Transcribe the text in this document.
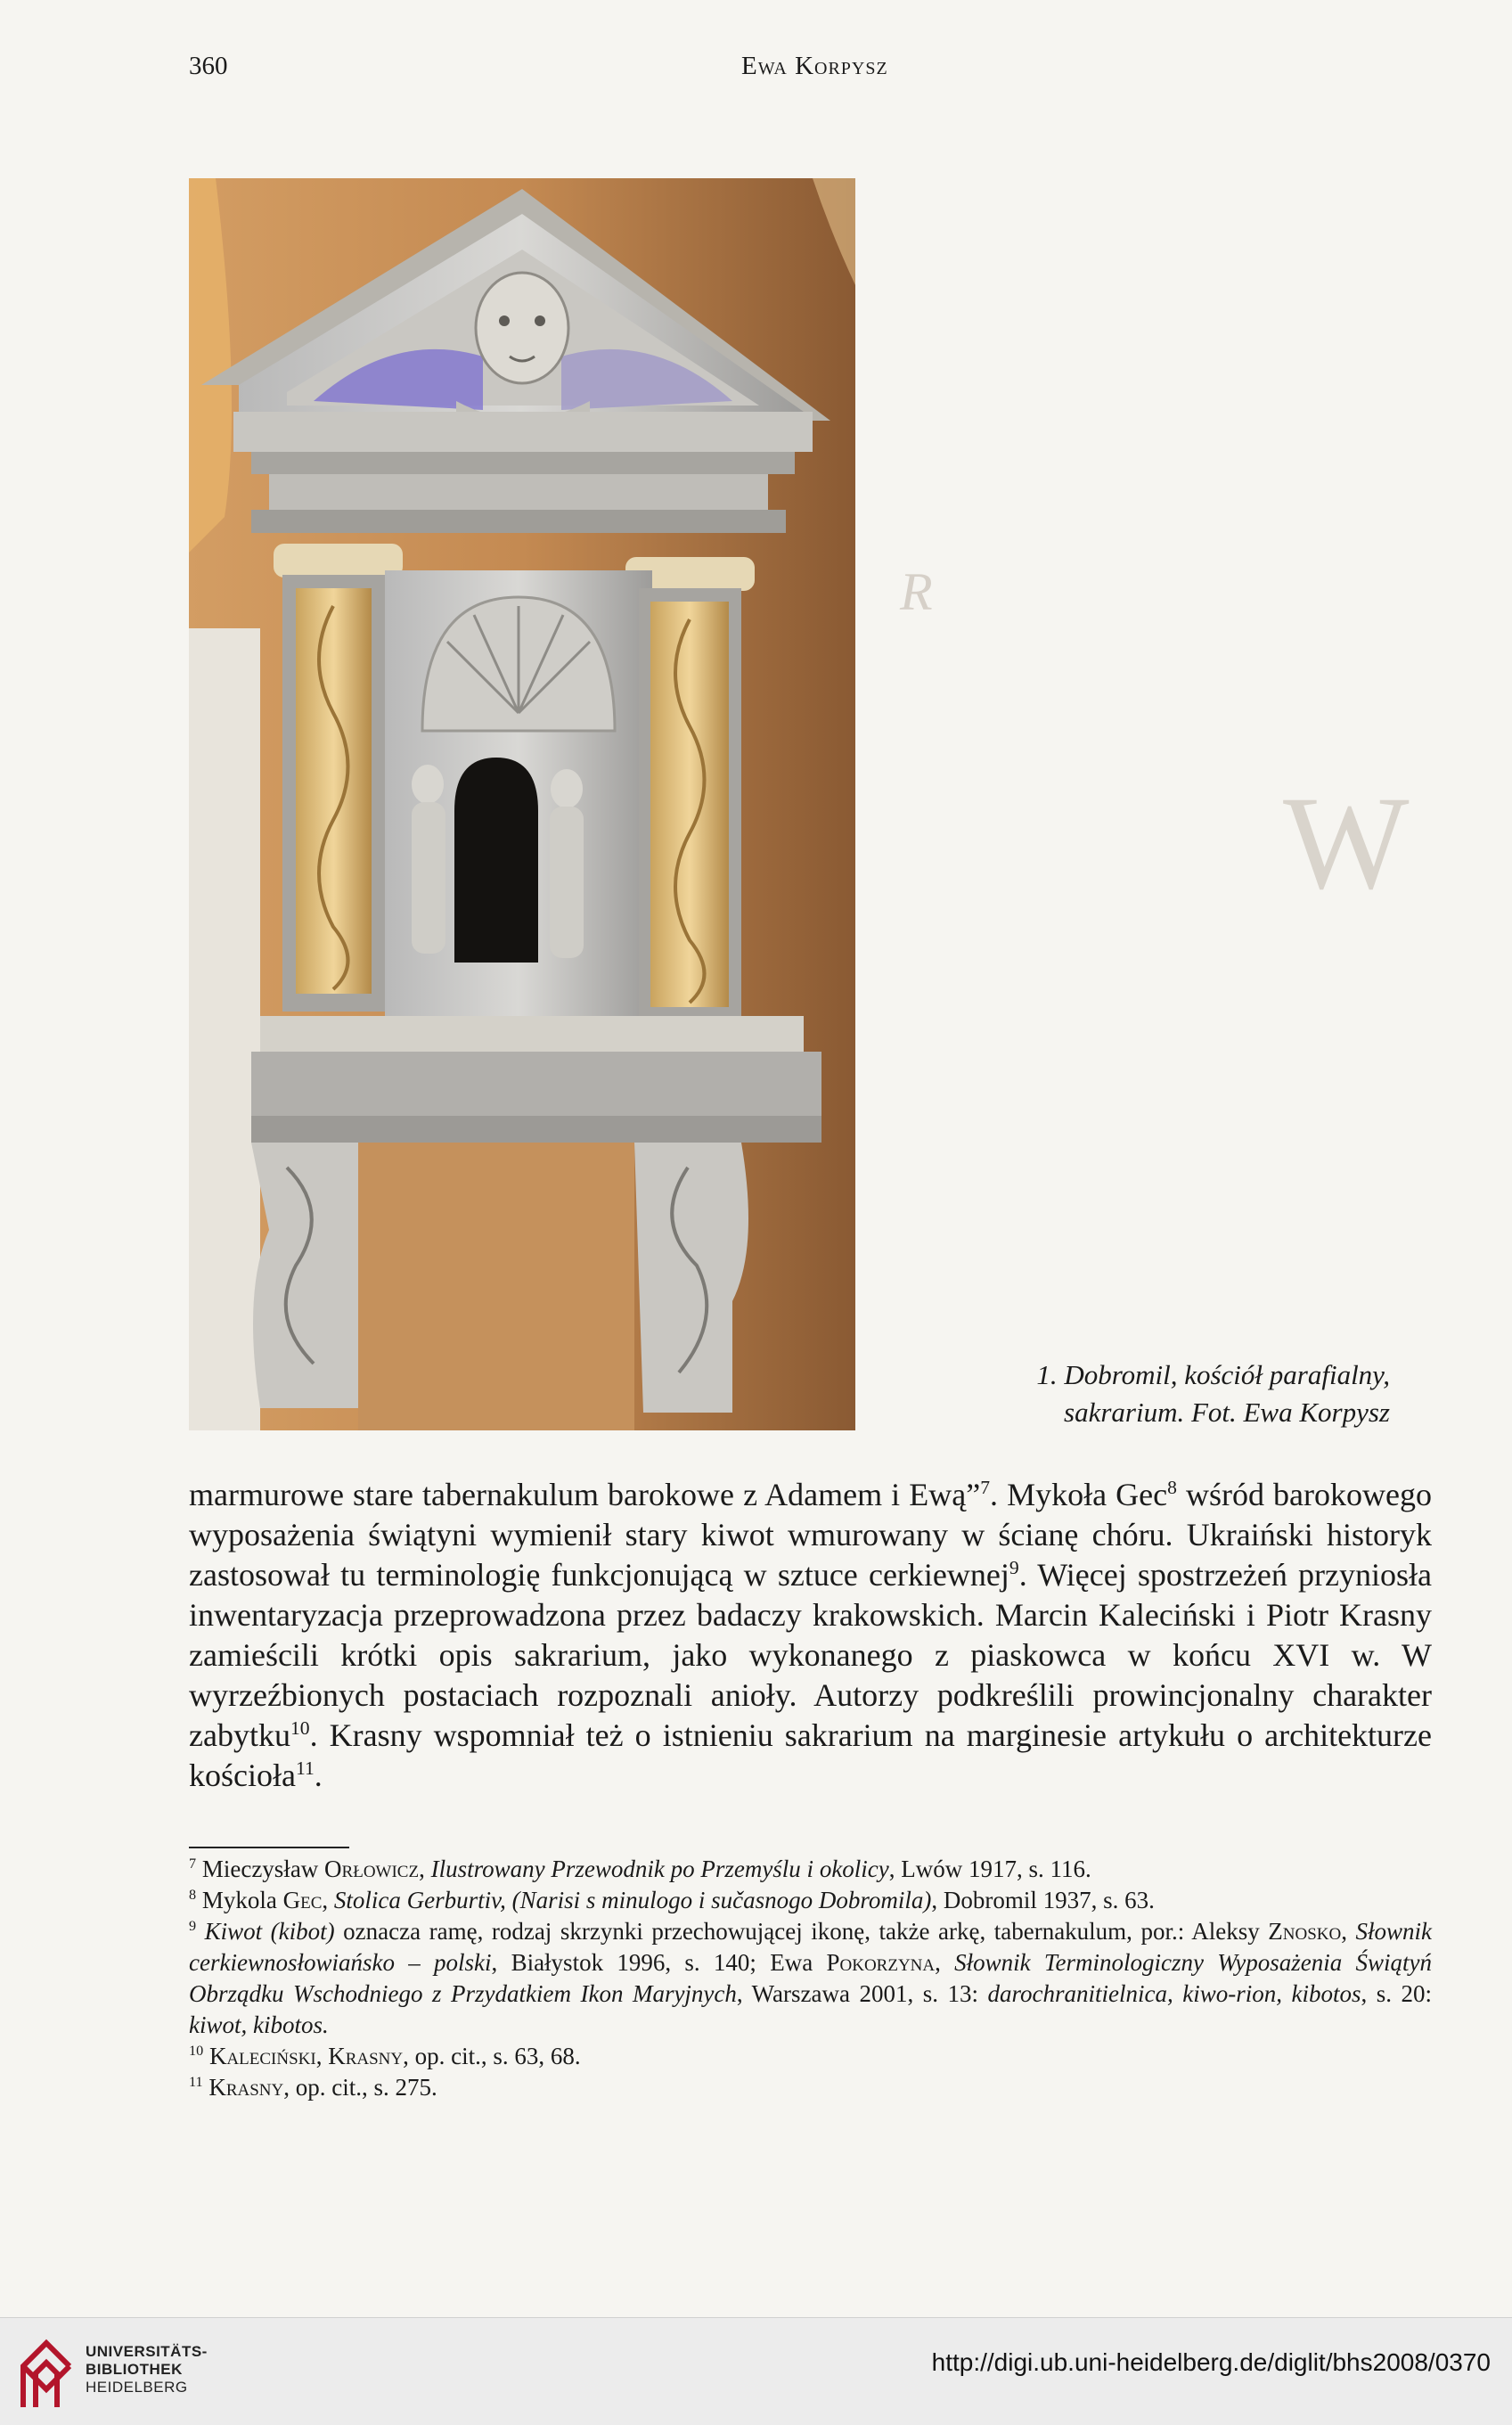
R
W
360	Ewa Korpysz
1. Dobromil, kościół parafialny,
sakrarium. Fot. Ewa Korpysz
marmurowe stare tabernakulum barokowe z Adamem i Ewą”$^7$. Mykoła Gec$^8$ wśród barokowego wyposażenia świątyni wymienił stary kiwot wmurowany w ścianę chóru. Ukraiński historyk zastosował tu terminologię funkcjonującą w sztuce cerkiewnej$^9$. Więcej spostrzeżeń przyniosła inwentaryzacja przeprowadzona przez badaczy krakowskich. Marcin Kaleciński i Piotr Krasny zamieścili krótki opis sakrarium, jako wykonanego z piaskowca w końcu XVI w. W wyrzeźbionych postaciach rozpoznali anioły. Autorzy podkreślili prowincjonalny charakter zabytku$^{10}$. Krasny wspomniał też o istnieniu sakrarium na marginesie artykułu o architekturze kościoła$^{11}$.

$^7$ Mieczysław Orłowicz, Ilustrowany Przewodnik po Przemyślu i okolicy, Lwów 1917, s. 116.

$^8$ Mykola Gec, Stolica Gerburtiv, (Narisi s minulogo i sučasnogo Dobromila), Dobromil 1937, s. 63.

$^9$ Kiwot (kibot) oznacza ramę, rodzaj skrzynki przechowującej ikonę, także arkę, tabernakulum, por.: Aleksy Znosko, Słownik cerkiewnosłowiańsko – polski, Białystok 1996, s. 140; Ewa Pokorzyna, Słownik Terminologiczny Wyposażenia Świątyń Obrządku Wschodniego z Przydatkiem Ikon Maryjnych, Warszawa 2001, s. 13: darochranitielnica, kiwo-rion, kibotos, s. 20: kiwot, kibotos.

$^{10}$ Kaleciński, Krasny, op. cit., s. 63, 68.

$^{11}$ Krasny, op. cit., s. 275.

UNIVERSITÄTS-
BIBLIOTHEK
HEIDELBERG
http://digi.ub.uni-heidelberg.de/diglit/bhs2008/0370
